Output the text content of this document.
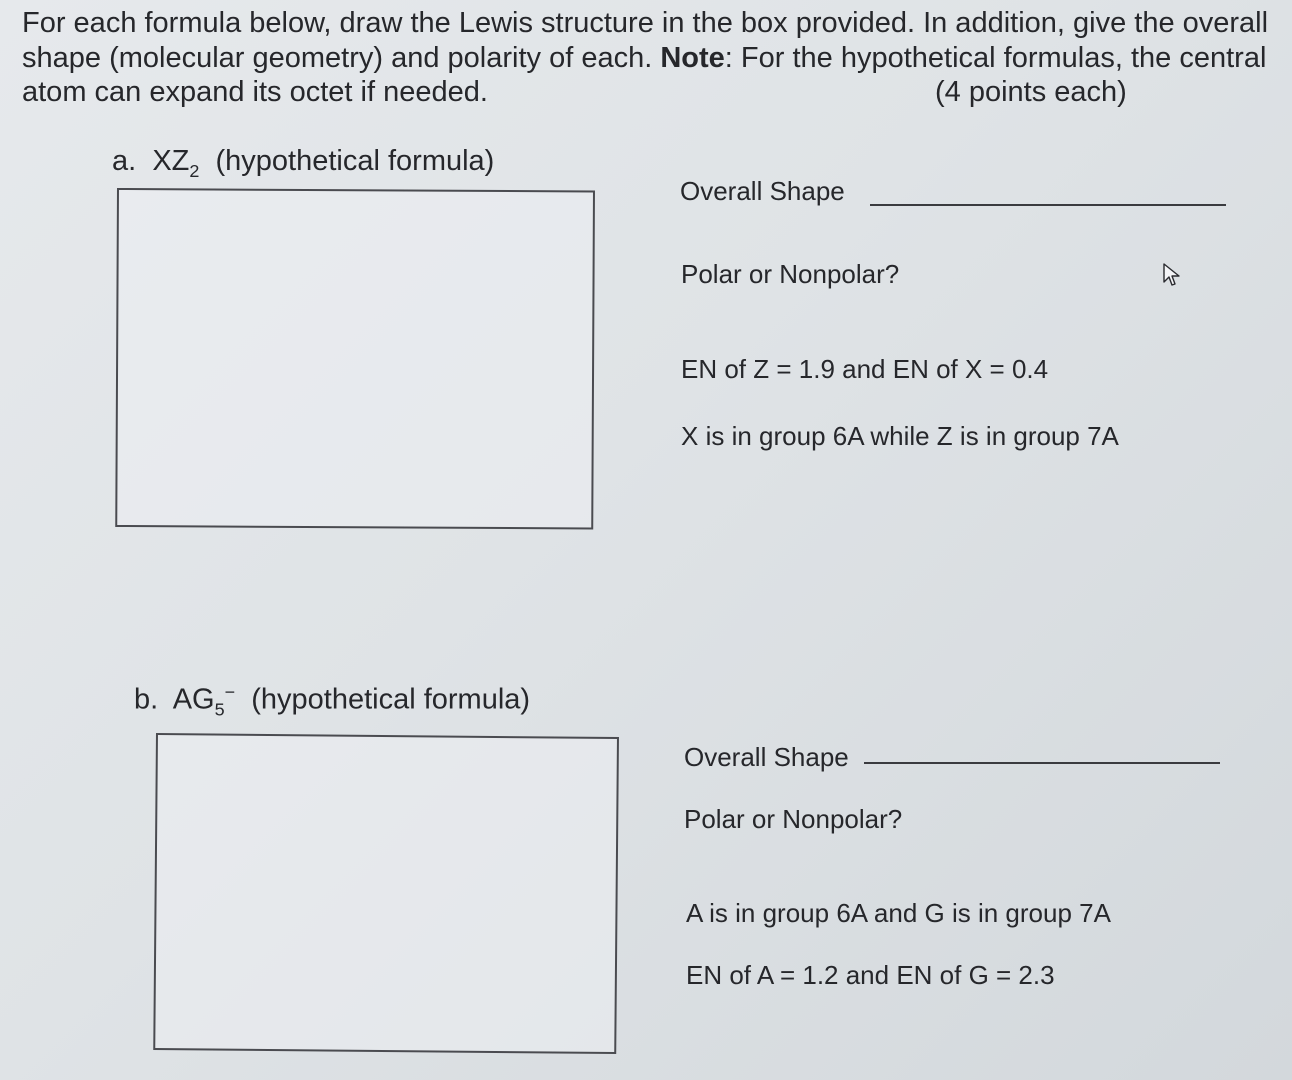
For each formula below, draw the Lewis structure in the box provided. In addition, give the overall
shape (molecular geometry) and polarity of each. Note: For the hypothetical formulas, the central
atom can expand its octet if needed.	(4 points each)
a. $XZ_2$ (hypothetical formula)
Overall Shape
Polar or Nonpolar?
EN of Z = 1.9 and EN of X = 0.4
X is in group 6A while Z is in group 7A
b. $AG_5^-$ (hypothetical formula)
Overall Shape
Polar or Nonpolar?
A is in group 6A and G is in group 7A
EN of A = 1.2 and EN of G = 2.3
